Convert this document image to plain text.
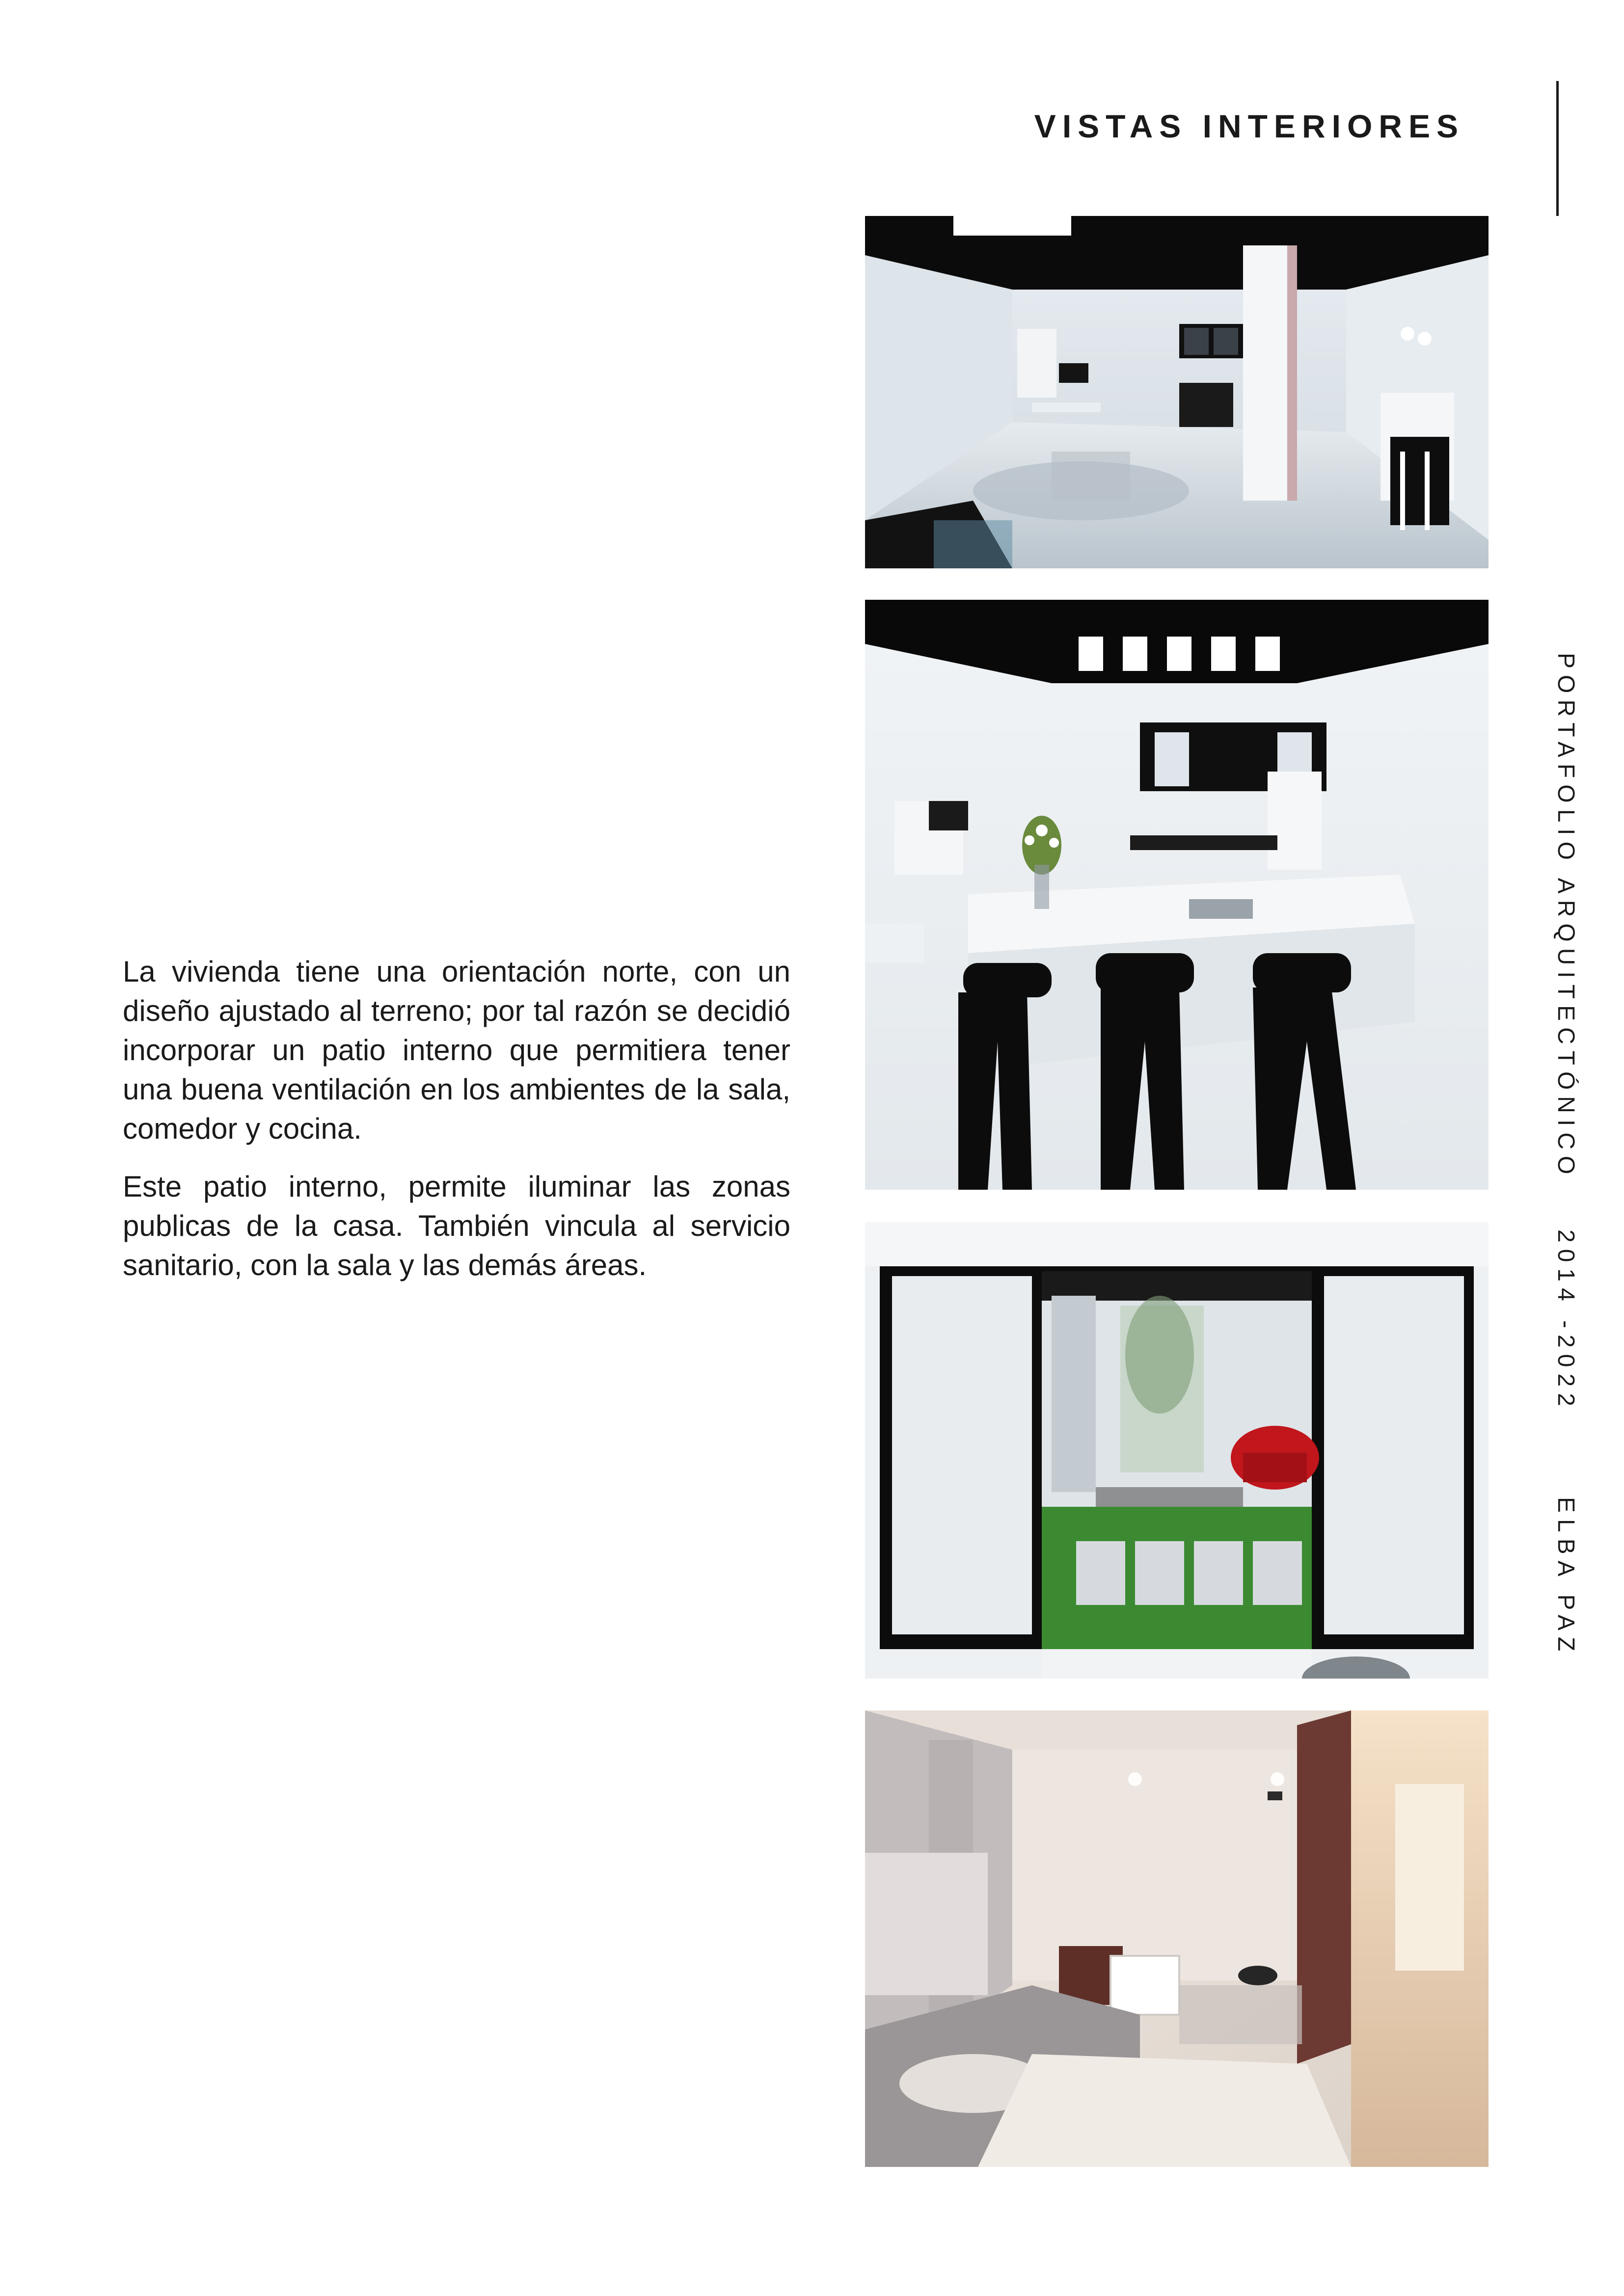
VISTAS INTERIORES

La vivienda tiene una orientación norte, con un diseño ajustado al terreno; por tal razón se decidió incorporar un patio interno que permitiera tener una buena ventilación en los ambientes de la sala, comedor y cocina.

Este patio interno, permite iluminar las zonas publicas de la casa. También vincula al servicio sanitario, con la sala y las demás áreas.

PORTAFOLIO ARQUITECTÓNICO
2014 -2022
ELBA PAZ
